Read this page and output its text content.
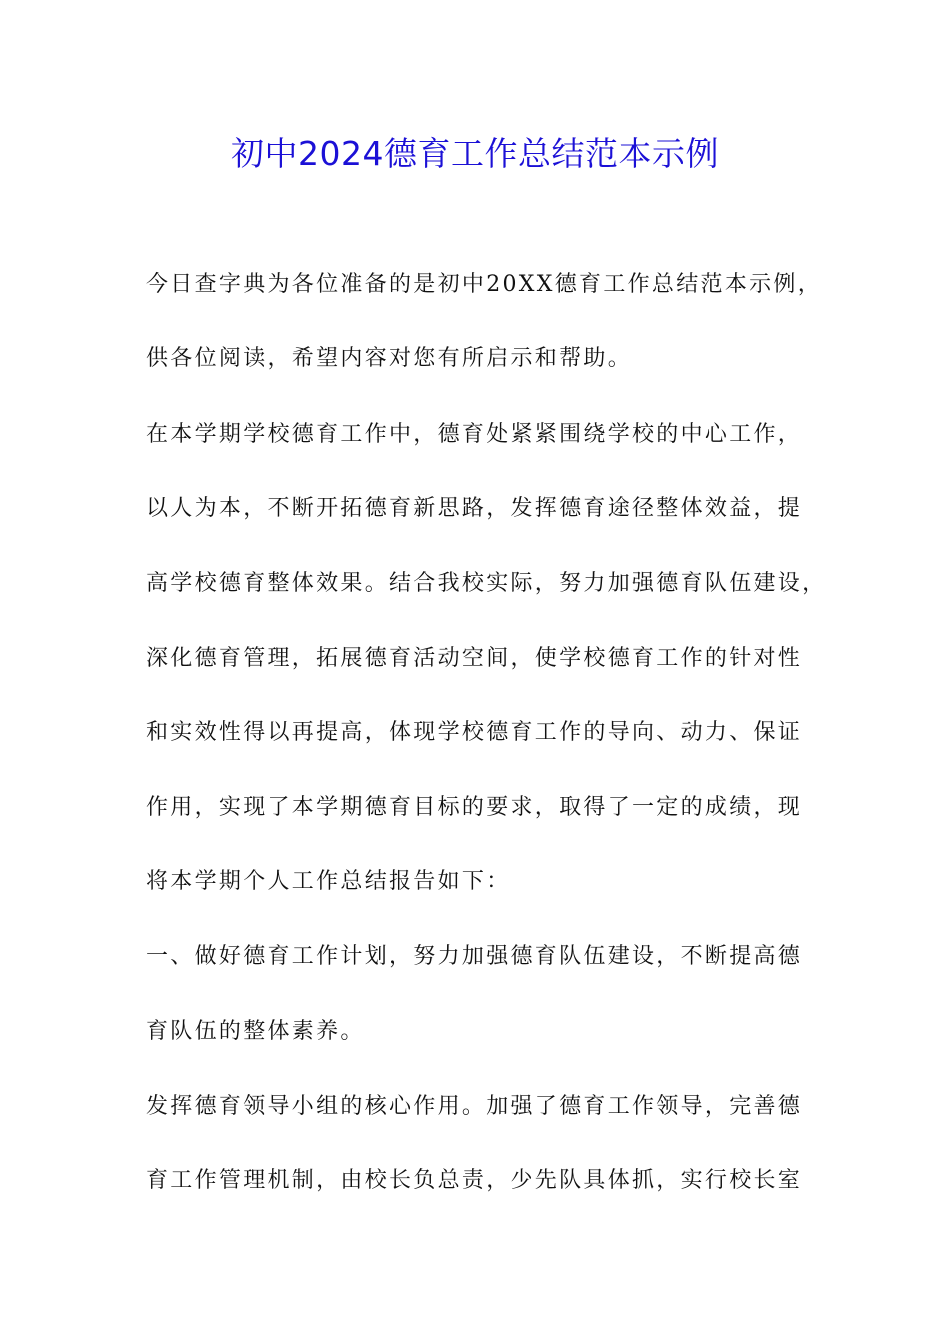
初中2024德育工作总结范本示例
今日查字典为各位准备的是初中20XX德育工作总结范本示例，
供各位阅读，希望内容对您有所启示和帮助。
在本学期学校德育工作中，德育处紧紧围绕学校的中心工作，
以人为本，不断开拓德育新思路，发挥德育途径整体效益，提
高学校德育整体效果。结合我校实际，努力加强德育队伍建设，
深化德育管理，拓展德育活动空间，使学校德育工作的针对性
和实效性得以再提高，体现学校德育工作的导向、动力、保证
作用，实现了本学期德育目标的要求，取得了一定的成绩，现
将本学期个人工作总结报告如下：
一、做好德育工作计划，努力加强德育队伍建设，不断提高德
育队伍的整体素养。
发挥德育领导小组的核心作用。加强了德育工作领导，完善德
育工作管理机制，由校长负总责，少先队具体抓，实行校长室
